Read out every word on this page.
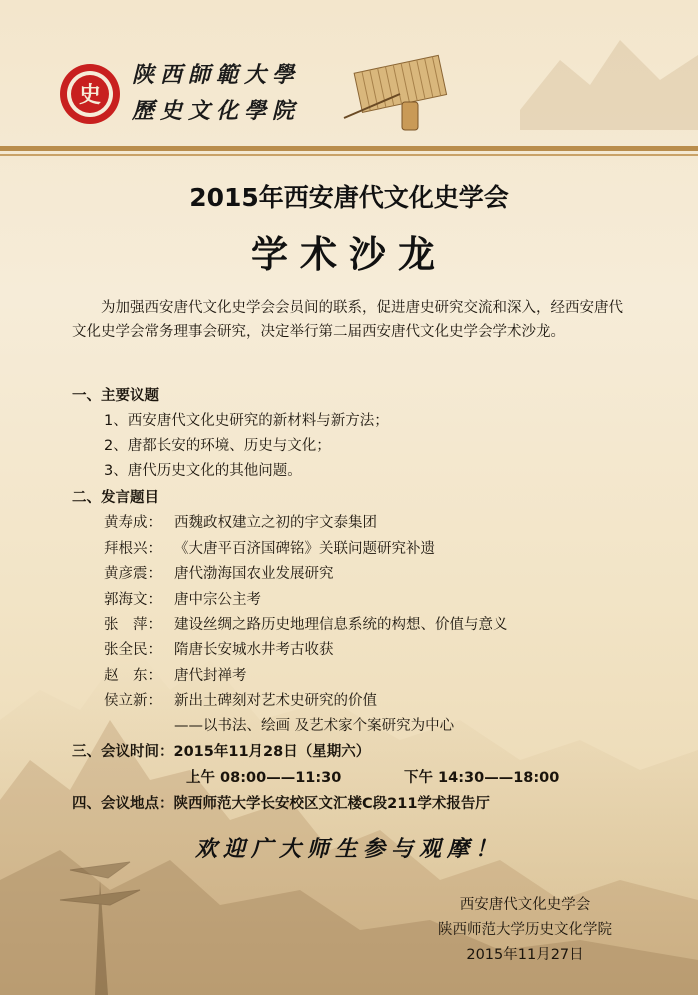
史
陕西師範大學
歷史文化學院
2015年西安唐代文化史学会
学术沙龙
为加强西安唐代文化史学会会员间的联系，促进唐史研究交流和深入，经西安唐代文化史学会常务理事会研究，决定举行第二届西安唐代文化史学会学术沙龙。
一、主要议题
1、西安唐代文化史研究的新材料与新方法；
2、唐都长安的环境、历史与文化；
3、唐代历史文化的其他问题。
二、发言题目
黄寿成： 西魏政权建立之初的宇文泰集团
拜根兴： 《大唐平百济国碑铭》关联问题研究补遗
黄彦震： 唐代渤海国农业发展研究
郭海文： 唐中宗公主考
张　萍： 建设丝绸之路历史地理信息系统的构想、价值与意义
张全民： 隋唐长安城水井考古收获
赵　东： 唐代封禅考
侯立新： 新出土碑刻对艺术史研究的价值
——以书法、绘画 及艺术家个案研究为中心
三、会议时间：2015年11月28日（星期六）
上午 08:00——11:30	下午 14:30——18:00
四、会议地点：陕西师范大学长安校区文汇楼C段211学术报告厅
欢迎广大师生参与观摩！
西安唐代文化史学会
陕西师范大学历史文化学院
2015年11月27日
